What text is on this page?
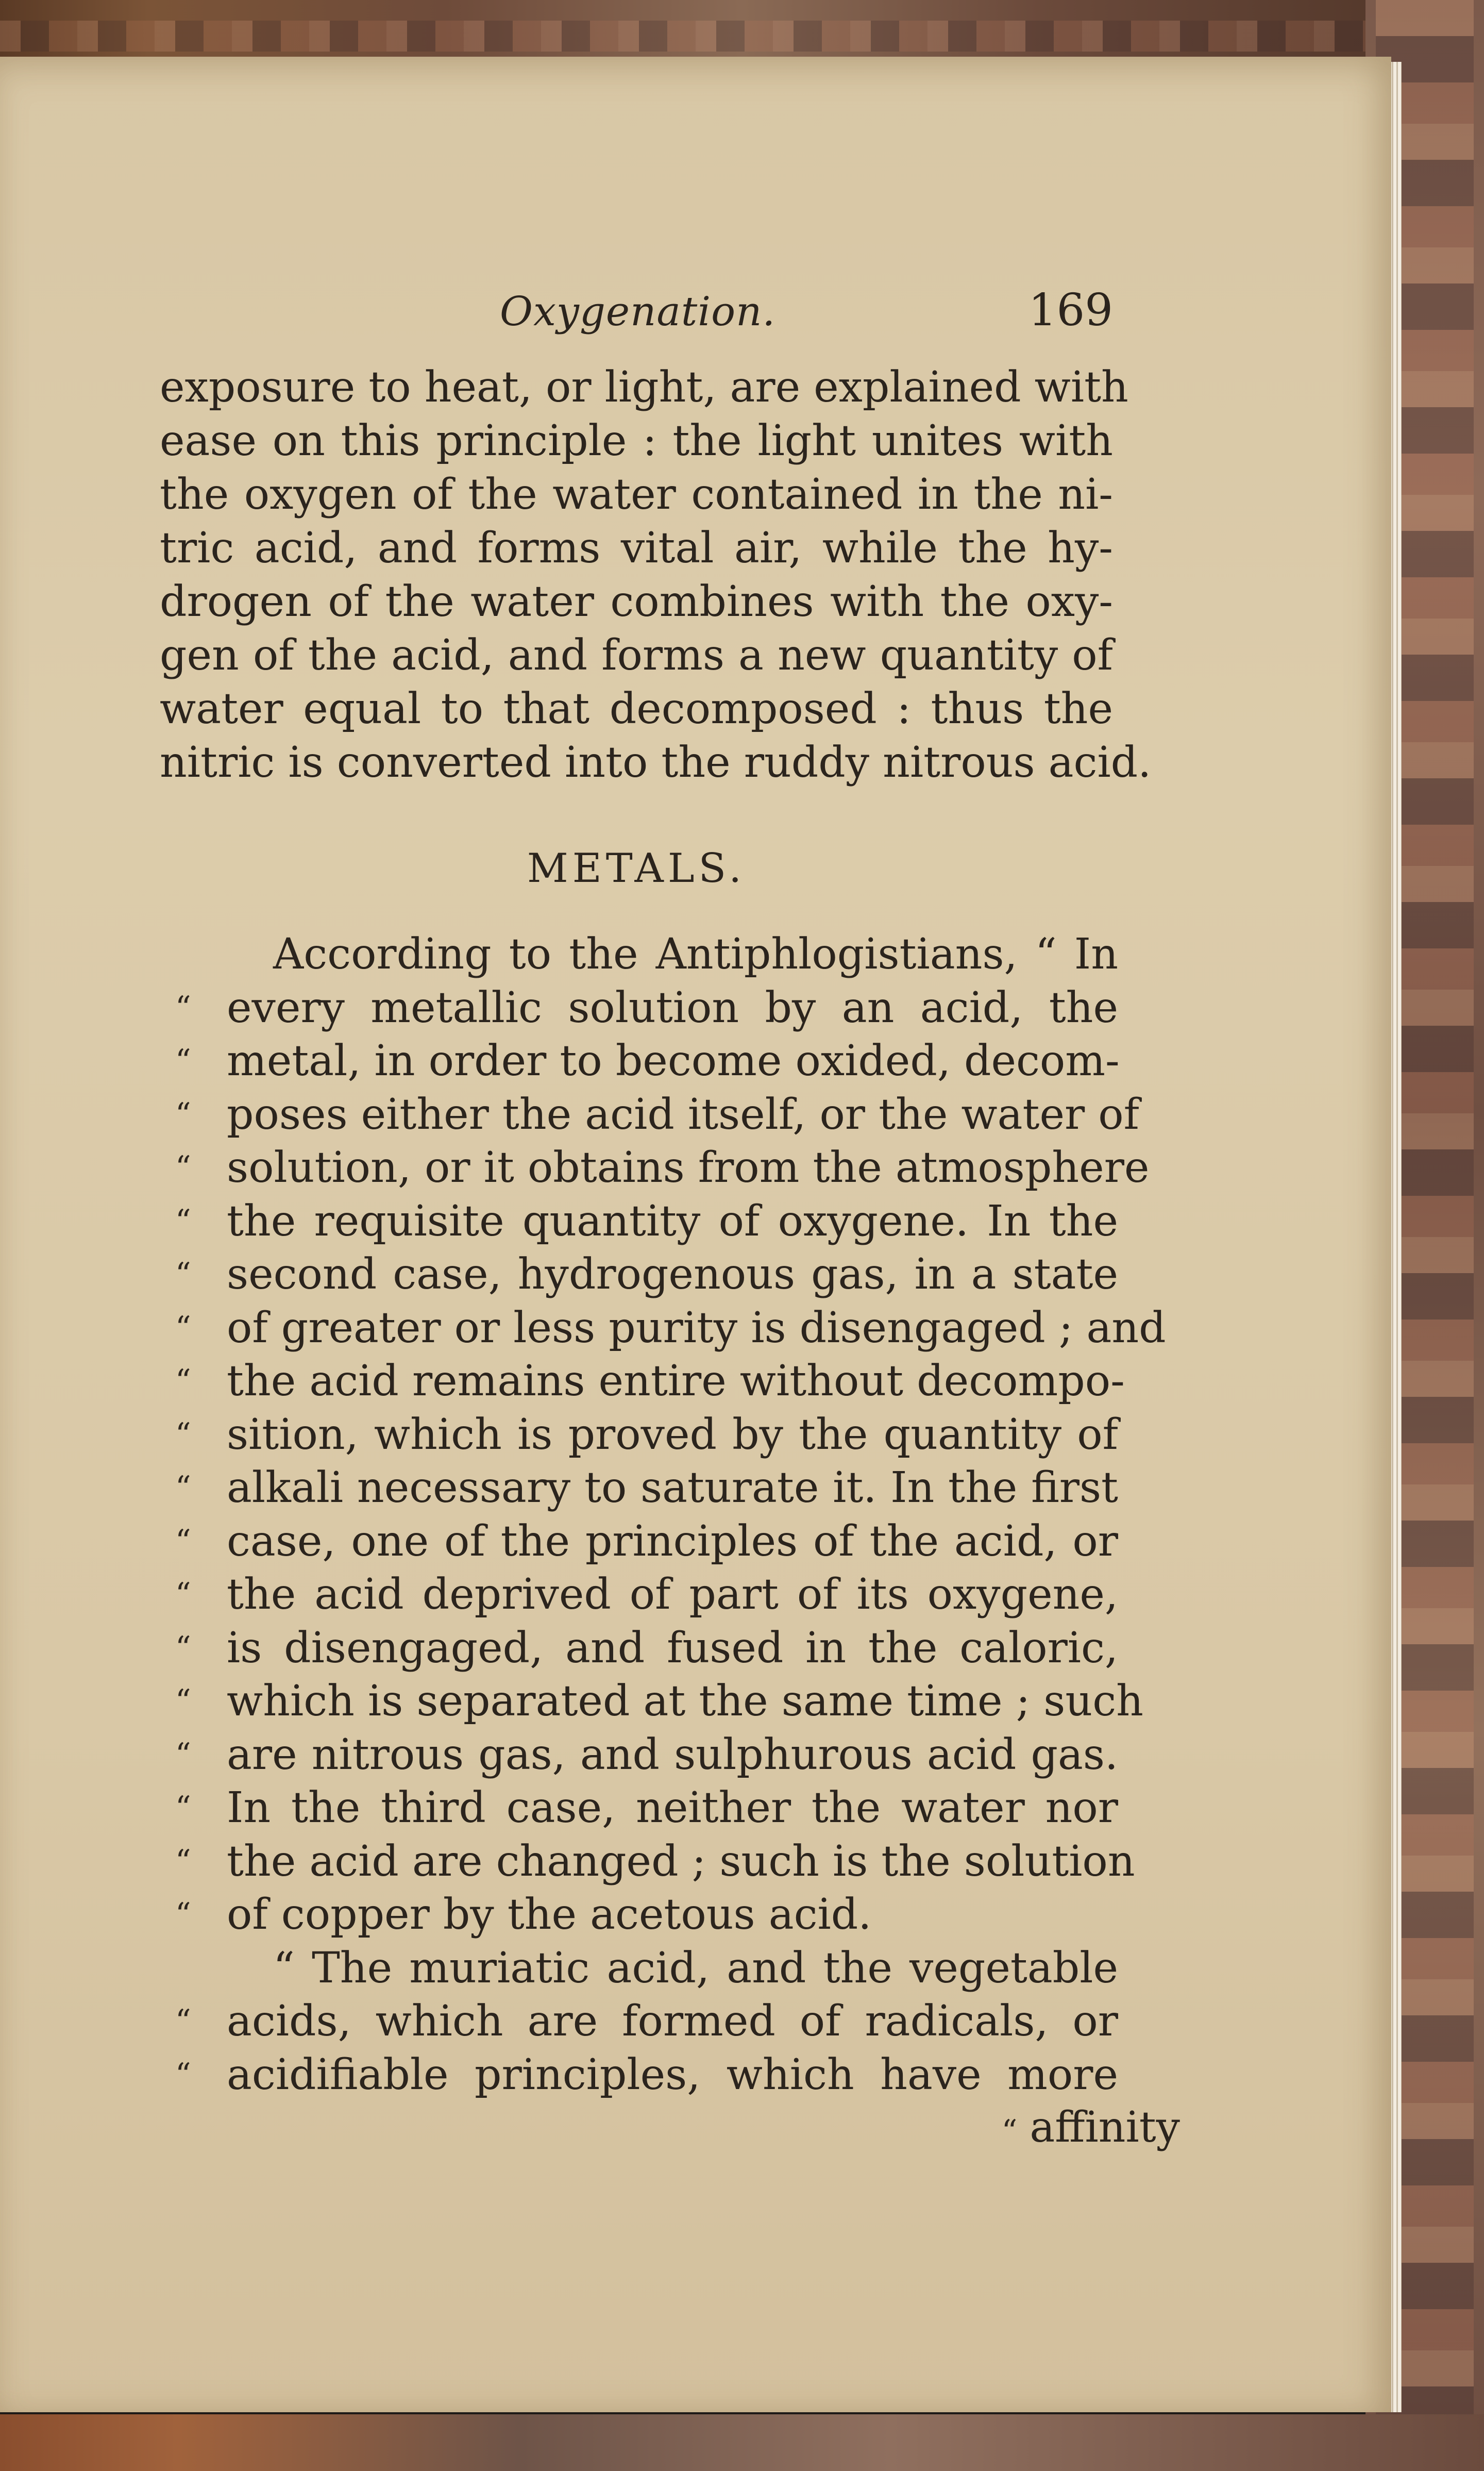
Oxygenation.	169
exposure to heat, or light, are explained with
ease on this principle : the light unites with
the oxygen of the water contained in the ni-
tric acid, and forms vital air, while the hy-
drogen of the water combines with the oxy-
gen of the acid, and forms a new quantity of
water equal to that decomposed : thus the
nitric is converted into the ruddy nitrous acid.
METALS.
According to the Antiphlogistians, “ In
“ every metallic solution by an acid, the
“ metal, in order to become oxided, decom-
“ poses either the acid itself, or the water of
“ solution, or it obtains from the atmosphere
“ the requisite quantity of oxygene. In the
“ second case, hydrogenous gas, in a state
“ of greater or less purity is disengaged ; and
“ the acid remains entire without decompo-
“ sition, which is proved by the quantity of
“ alkali necessary to saturate it. In the first
“ case, one of the principles of the acid, or
“ the acid deprived of part of its oxygene,
“ is disengaged, and fused in the caloric,
“ which is separated at the same time ; such
“ are nitrous gas, and sulphurous acid gas.
“ In the third case, neither the water nor
“ the acid are changed ; such is the solution
“ of copper by the acetous acid.
“ The muriatic acid, and the vegetable
“ acids, which are formed of radicals, or
“ acidifiable principles, which have more
“ affinity
